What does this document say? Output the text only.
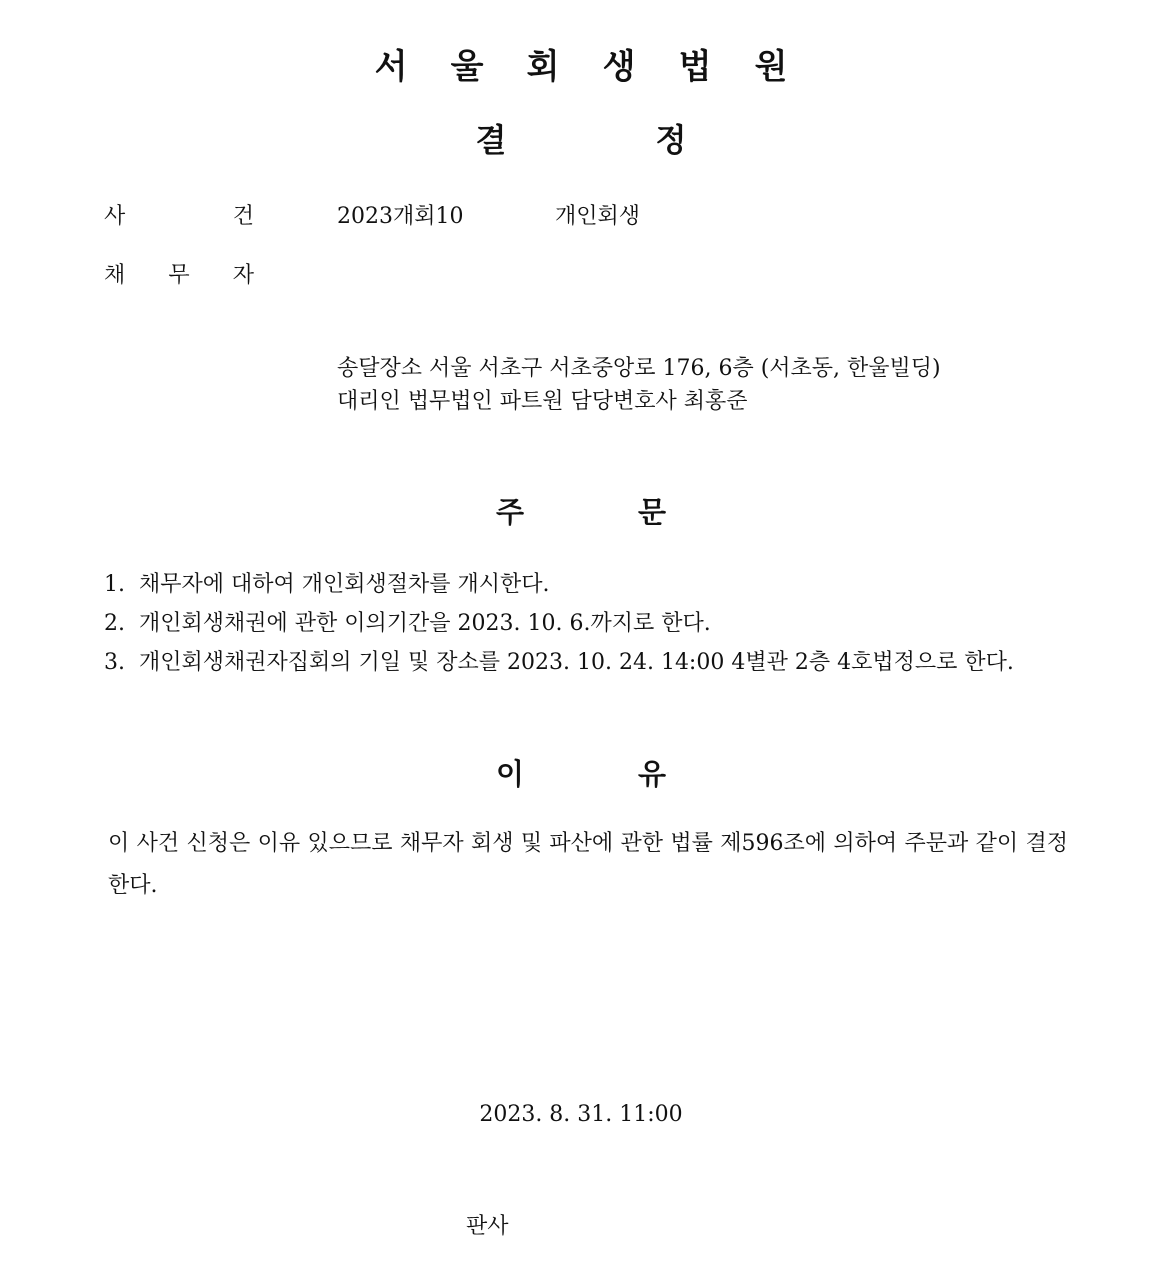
서 울 회 생 법 원
결	정
사	건	2023개회10	개인회생
채 무 자
송달장소 서울 서초구 서초중앙로 176, 6층 (서초동, 한울빌딩)
대리인 법무법인 파트원 담당변호사 최홍준
주	문
1. 채무자에 대하여 개인회생절차를 개시한다.
2. 개인회생채권에 관한 이의기간을 2023. 10. 6.까지로 한다.
3. 개인회생채권자집회의 기일 및 장소를 2023. 10. 24. 14:00 4별관 2층 4호법정으로 한다.
이	유

이 사건 신청은 이유 있으므로 채무자 회생 및 파산에 관한 법률 제596조에 의하여 주문과 같이 결정한다.

2023. 8. 31. 11:00
판사
